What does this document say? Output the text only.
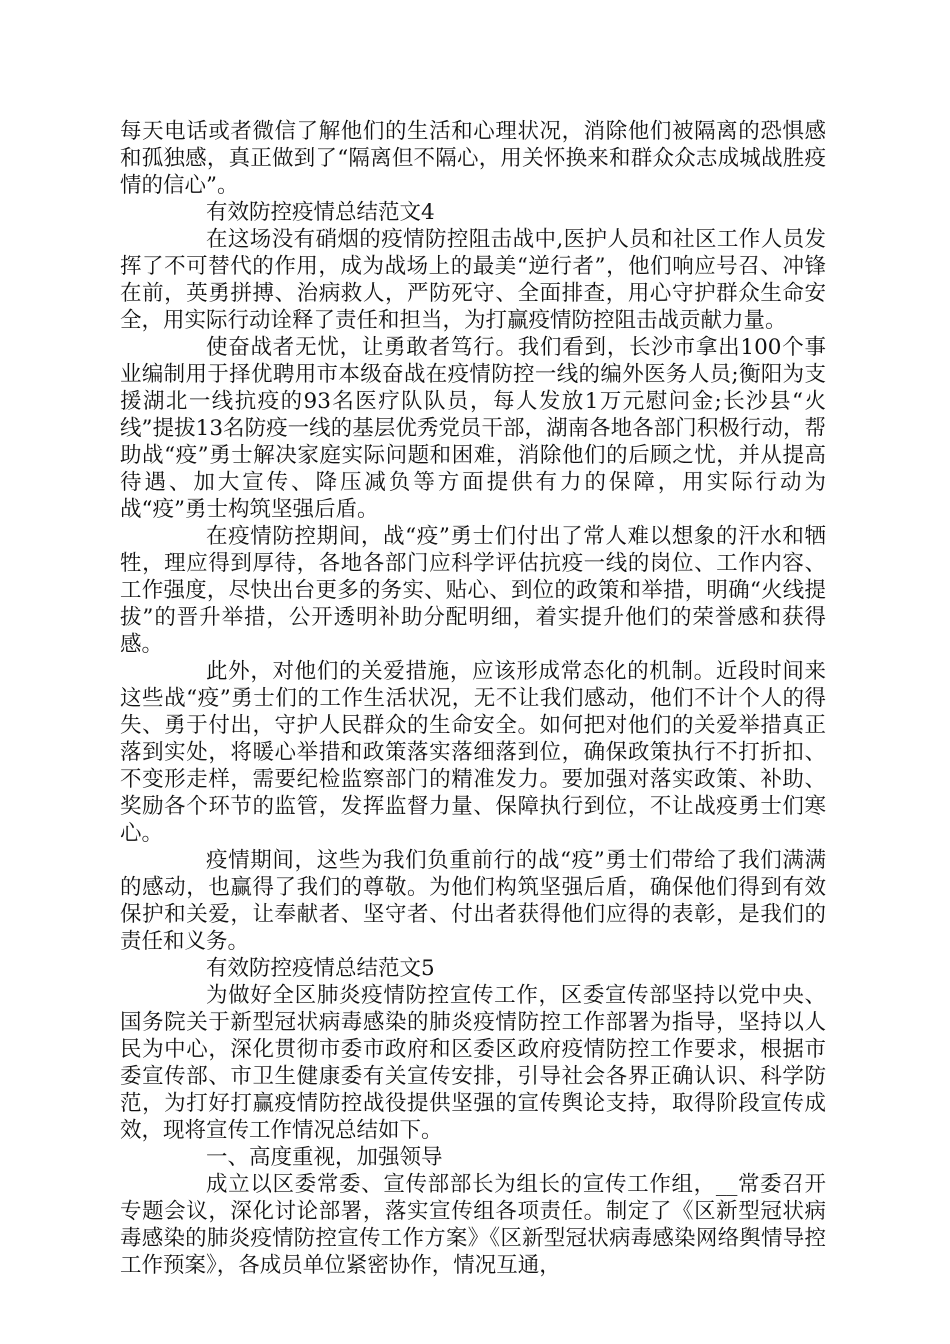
每天电话或者微信了解他们的生活和心理状况，消除他们被隔离的恐惧感和孤独感，真正做到了“隔离但不隔心，用关怀换来和群众众志成城战胜疫情的信心”。

有效防控疫情总结范文4

在这场没有硝烟的疫情防控阻击战中,医护人员和社区工作人员发挥了不可替代的作用，成为战场上的最美“逆行者”，他们响应号召、冲锋在前，英勇拼搏、治病救人，严防死守、全面排查，用心守护群众生命安全，用实际行动诠释了责任和担当，为打赢疫情防控阻击战贡献力量。

使奋战者无忧，让勇敢者笃行。我们看到，长沙市拿出100个事业编制用于择优聘用市本级奋战在疫情防控一线的编外医务人员;衡阳为支援湖北一线抗疫的93名医疗队队员，每人发放1万元慰问金;长沙县“火线”提拔13名防疫一线的基层优秀党员干部，湖南各地各部门积极行动，帮助战“疫”勇士解决家庭实际问题和困难，消除他们的后顾之忧，并从提高待遇、加大宣传、降压减负等方面提供有力的保障，用实际行动为战“疫”勇士构筑坚强后盾。

在疫情防控期间，战“疫”勇士们付出了常人难以想象的汗水和牺牲，理应得到厚待，各地各部门应科学评估抗疫一线的岗位、工作内容、工作强度，尽快出台更多的务实、贴心、到位的政策和举措，明确“火线提拔”的晋升举措，公开透明补助分配明细，着实提升他们的荣誉感和获得感。

此外，对他们的关爱措施，应该形成常态化的机制。近段时间来这些战“疫”勇士们的工作生活状况，无不让我们感动，他们不计个人的得失、勇于付出，守护人民群众的生命安全。如何把对他们的关爱举措真正落到实处，将暖心举措和政策落实落细落到位，确保政策执行不打折扣、不变形走样，需要纪检监察部门的精准发力。要加强对落实政策、补助、奖励各个环节的监管，发挥监督力量、保障执行到位，不让战疫勇士们寒心。

疫情期间，这些为我们负重前行的战“疫”勇士们带给了我们满满的感动，也赢得了我们的尊敬。为他们构筑坚强后盾，确保他们得到有效保护和关爱，让奉献者、坚守者、付出者获得他们应得的表彰，是我们的责任和义务。

有效防控疫情总结范文5

为做好全区肺炎疫情防控宣传工作，区委宣传部坚持以党中央、国务院关于新型冠状病毒感染的肺炎疫情防控工作部署为指导，坚持以人民为中心，深化贯彻市委市政府和区委区政府疫情防控工作要求，根据市委宣传部、市卫生健康委有关宣传安排，引导社会各界正确认识、科学防范，为打好打赢疫情防控战役提供坚强的宣传舆论支持，取得阶段宣传成效，现将宣传工作情况总结如下。

一、高度重视，加强领导

成立以区委常委、宣传部部长为组长的宣传工作组，__常委召开专题会议，深化讨论部署，落实宣传组各项责任。制定了《区新型冠状病毒感染的肺炎疫情防控宣传工作方案》《区新型冠状病毒感染网络舆情导控工作预案》，各成员单位紧密协作，情况互通，
